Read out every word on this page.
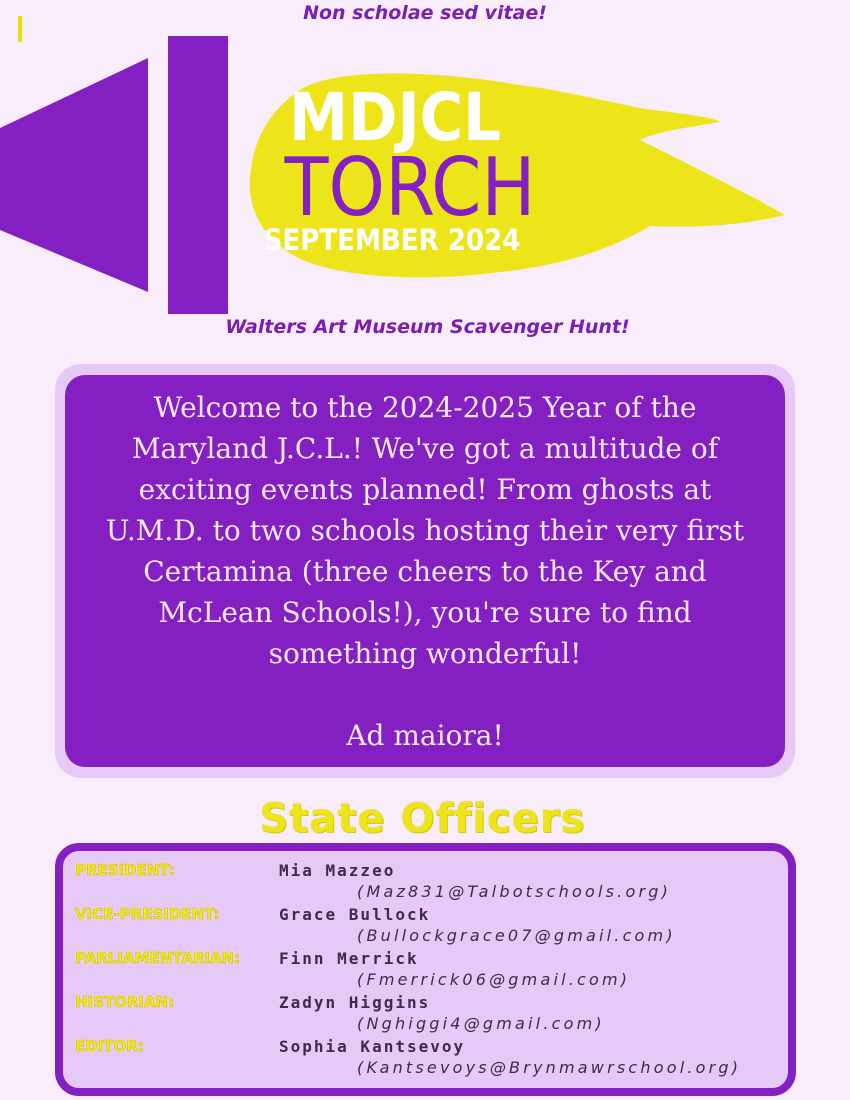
Non scholae sed vitae!
MDJCL
TORCH
SEPTEMBER 2024
Walters Art Museum Scavenger Hunt!

Welcome to the 2024-2025 Year of the Maryland J.C.L.! We've got a multitude of exciting events planned! From ghosts at U.M.D. to two schools hosting their very first Certamina (three cheers to the Key and McLean Schools!), you're sure to find something wonderful!

Ad maiora!

State Officers
PRESIDENT:	Mia Mazzeo
(Maz831@Talbotschools.org)
VICE-PRESIDENT:	Grace Bullock
(Bullockgrace07@gmail.com)
PARLIAMENTARIAN: Finn Merrick
(Fmerrick06@gmail.com)
HISTORIAN:	Zadyn Higgins
(Nghiggi4@gmail.com)
EDITOR:	Sophia Kantsevoy
(Kantsevoys@Brynmawrschool.org)
